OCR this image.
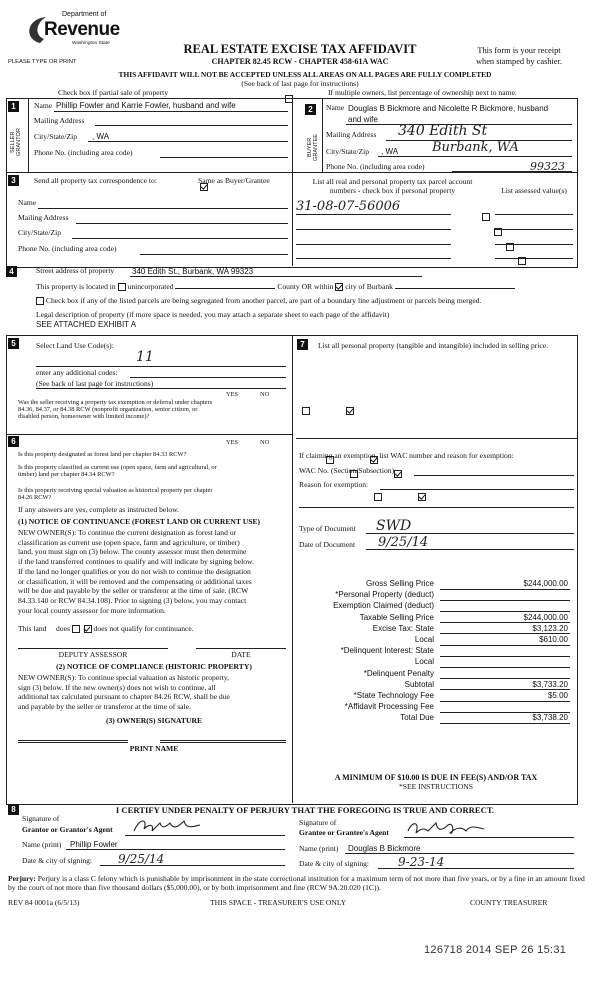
Department of
Revenue
Washington State
PLEASE TYPE OR PRINT
REAL ESTATE EXCISE TAX AFFIDAVIT
CHAPTER 82.45 RCW - CHAPTER 458-61A WAC
This form is your receipt
when stamped by cashier.
THIS AFFIDAVIT WILL NOT BE ACCEPTED UNLESS ALL AREAS ON ALL PAGES ARE FULLY COMPLETED
(See back of last page for instructions)
Check box if partial sale of property
	If multiple owners, list percentage of ownership next to name.
1
SELLER GRANTOR
Name Phillip Fowler and Karrie Fowler, husband and wife
Mailing Address
City/State/Zip , WA
Phone No. (including area code)
2
BUYER GRANTEE
Name Douglas B Bickmore and Nicolette R Bickmore, husband
and wife
Mailing Address 340 Edith St
City/State/Zip , WA	Burbank, WA
Phone No. (including area code)	99323
3	Send all property tax correspondence to:
	Same as Buyer/Grantee
Name
Mailing Address
City/State/Zip
Phone No. (including area code)
List all real and personal property tax parcel account
numbers - check box if personal property	List assessed value(s)
31-08-07-56006

4	Street address of property 340 Edith St., Burbank, WA 99323
This property is located in unincorporated	County OR within city of Burbank
Check box if any of the listed parcels are being segregated from another parcel, are part of a boundary line adjustment or parcels being merged.
Legal description of property (if more space is needed, you may attach a separate sheet to each page of the affidavit)
SEE ATTACHED EXHIBIT A
5	Select Land Use Code(s):
11
enter any additional codes:
(See back of last page for instructions)
YES	NO
Was the seller receiving a property tax exemption or deferral under chapters 84.36, 84.37, or 84.38 RCW (nonprofit organization, senior citizen, or disabled person, homeowner with limited income)?

6	YES	NO
Is this property designated as forest land per chapter 84.33 RCW?

Is this property classified as current use (open space, farm and agricultural, or timber) land per chapter 84.34 RCW?

Is this property receiving special valuation as historical property per chapter 84.26 RCW?

If any answers are yes, complete as instructed below.
(1) NOTICE OF CONTINUANCE (FOREST LAND OR CURRENT USE)
NEW OWNER(S): To continue the current designation as forest land or
classification as current use (open space, farm and agriculture, or timber)
land, you must sign on (3) below. The county assessor must then determine
if the land transferred continues to qualify and will indicate by signing below.
If the land no longer qualifies or you do not wish to continue the designation
or classification, it will be removed and the compensating or additional taxes
will be due and payable by the seller or transferor at the time of sale. (RCW
84.33.140 or RCW 84.34.108). Prior to signing (3) below, you may contact
your local county assessor for more information.
This land does	does not qualify for continuance.
DEPUTY ASSESSOR	DATE
(2) NOTICE OF COMPLIANCE (HISTORIC PROPERTY)
NEW OWNER(S): To continue special valuation as historic property,
sign (3) below. If the new owner(s) does not wish to continue, all
additional tax calculated pursuant to chapter 84.26 RCW, shall be due
and payable by the seller or transferor at the time of sale.
(3) OWNER(S) SIGNATURE
PRINT NAME
7	List all personal property (tangible and intangible) included in selling price.
If claiming an exemption, list WAC number and reason for exemption:
WAC No. (Section/Subsection)
Reason for exemption:
Type of Document SWD
Date of Document 9/25/14
Gross Selling Price	$244,000.00
*Personal Property (deduct)
Exemption Claimed (deduct)
Taxable Selling Price	$244,000.00
Excise Tax: State	$3,123.20
Local	$610.00
*Delinquent Interest: State
Local
*Delinquent Penalty
Subtotal	$3,733.20
*State Technology Fee	$5.00
*Affidavit Processing Fee
Total Due	$3,738.20
A MINIMUM OF $10.00 IS DUE IN FEE(S) AND/OR TAX
*SEE INSTRUCTIONS
8	I CERTIFY UNDER PENALTY OF PERJURY THAT THE FOREGOING IS TRUE AND CORRECT.
Signature of
Grantor or Grantor's Agent
Name (print) Phillip Fowler
Date & city of signing: 9/25/14
Signature of
Grantee or Grantee's Agent
Name (print) Douglas B Bickmore
Date & city of signing: 9-23-14
Perjury: Perjury is a class C felony which is punishable by imprisonment in the state correctional institution for a maximum term of not more than five years, or by a fine in an amount fixed by the court of not more than five thousand dollars ($5,000.00), or by both imprisonment and fine (RCW 9A.20.020 (1C)).
REV 84 0001a (6/5/13)	THIS SPACE - TREASURER'S USE ONLY	COUNTY TREASURER
126718 2014 SEP 26 15:31
